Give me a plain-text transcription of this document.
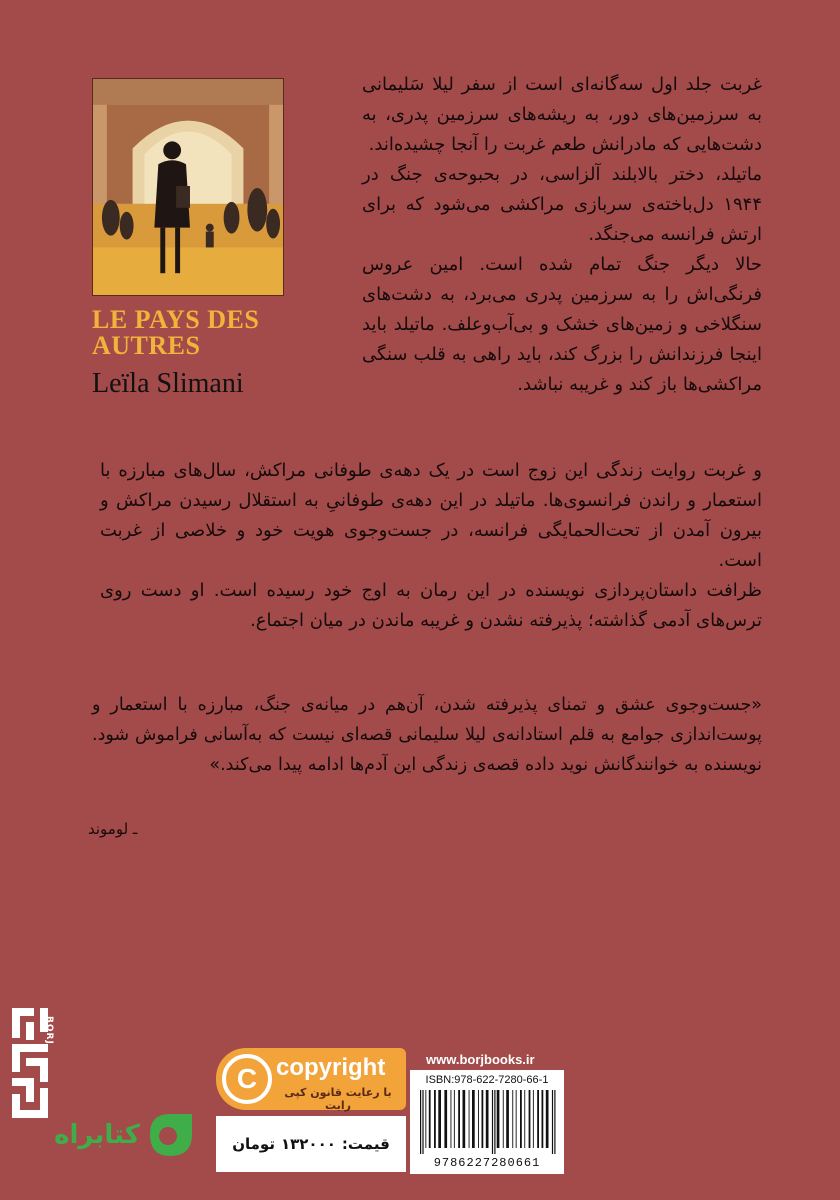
LE PAYS DES
AUTRES

Leïla Slimani

غربت جلد اول سه‌گانه‌ای است از سفر لیلا سَلیمانی به سرزمین‌های دور، به ریشه‌های سرزمین پدری، به دشت‌هایی که مادرانش طعم غربت را آنجا چشیده‌اند.

ماتیلد، دختر بالابلند آلزاسی، در بحبوحه‌ی جنگ در ۱۹۴۴ دل‌باخته‌ی سربازی مراکشی می‌شود که برای ارتش فرانسه می‌جنگد.

حالا دیگر جنگ تمام شده است. امین عروس فرنگی‌اش را به سرزمین پدری می‌برد، به دشت‌های سنگلاخی و زمین‌های خشک و بی‌آب‌وعلف. ماتیلد باید اینجا فرزندانش را بزرگ کند، باید راهی به قلب سنگی مراکشی‌ها باز کند و غریبه نباشد.

و غربت روایت زندگی این زوج است در یک دهه‌ی طوفانی مراکش، سال‌های مبارزه با استعمار و راندن فرانسوی‌ها. ماتیلد در این دهه‌ی طوفانیِ به استقلال رسیدن مراکش و بیرون آمدن از تحت‌الحمایگی فرانسه، در جست‌وجوی هویت خود و خلاصی از غربت است.

ظرافت داستان‌پردازی نویسنده در این رمان به اوج خود رسیده است. او دست روی ترس‌های آدمی گذاشته؛ پذیرفته نشدن و غریبه ماندن در میان اجتماع.

«جست‌وجوی عشق و تمنای پذیرفته شدن، آن‌هم در میانه‌ی جنگ، مبارزه با استعمار و پوست‌اندازی جوامع به قلم استادانه‌ی لیلا سلیمانی قصه‌ای نیست که به‌آسانی فراموش شود. نویسنده به خوانندگانش نوید داده قصه‌ی زندگی این آدم‌ها ادامه پیدا می‌کند.»

ـ لوموند

BORJ
کتابراه
C copyright
با رعایت قانون کپی رایت
قیمت:
۱۳۲۰۰۰
تومان
www.borjbooks.ir
ISBN:978-622-7280-66-1
9786227280661
